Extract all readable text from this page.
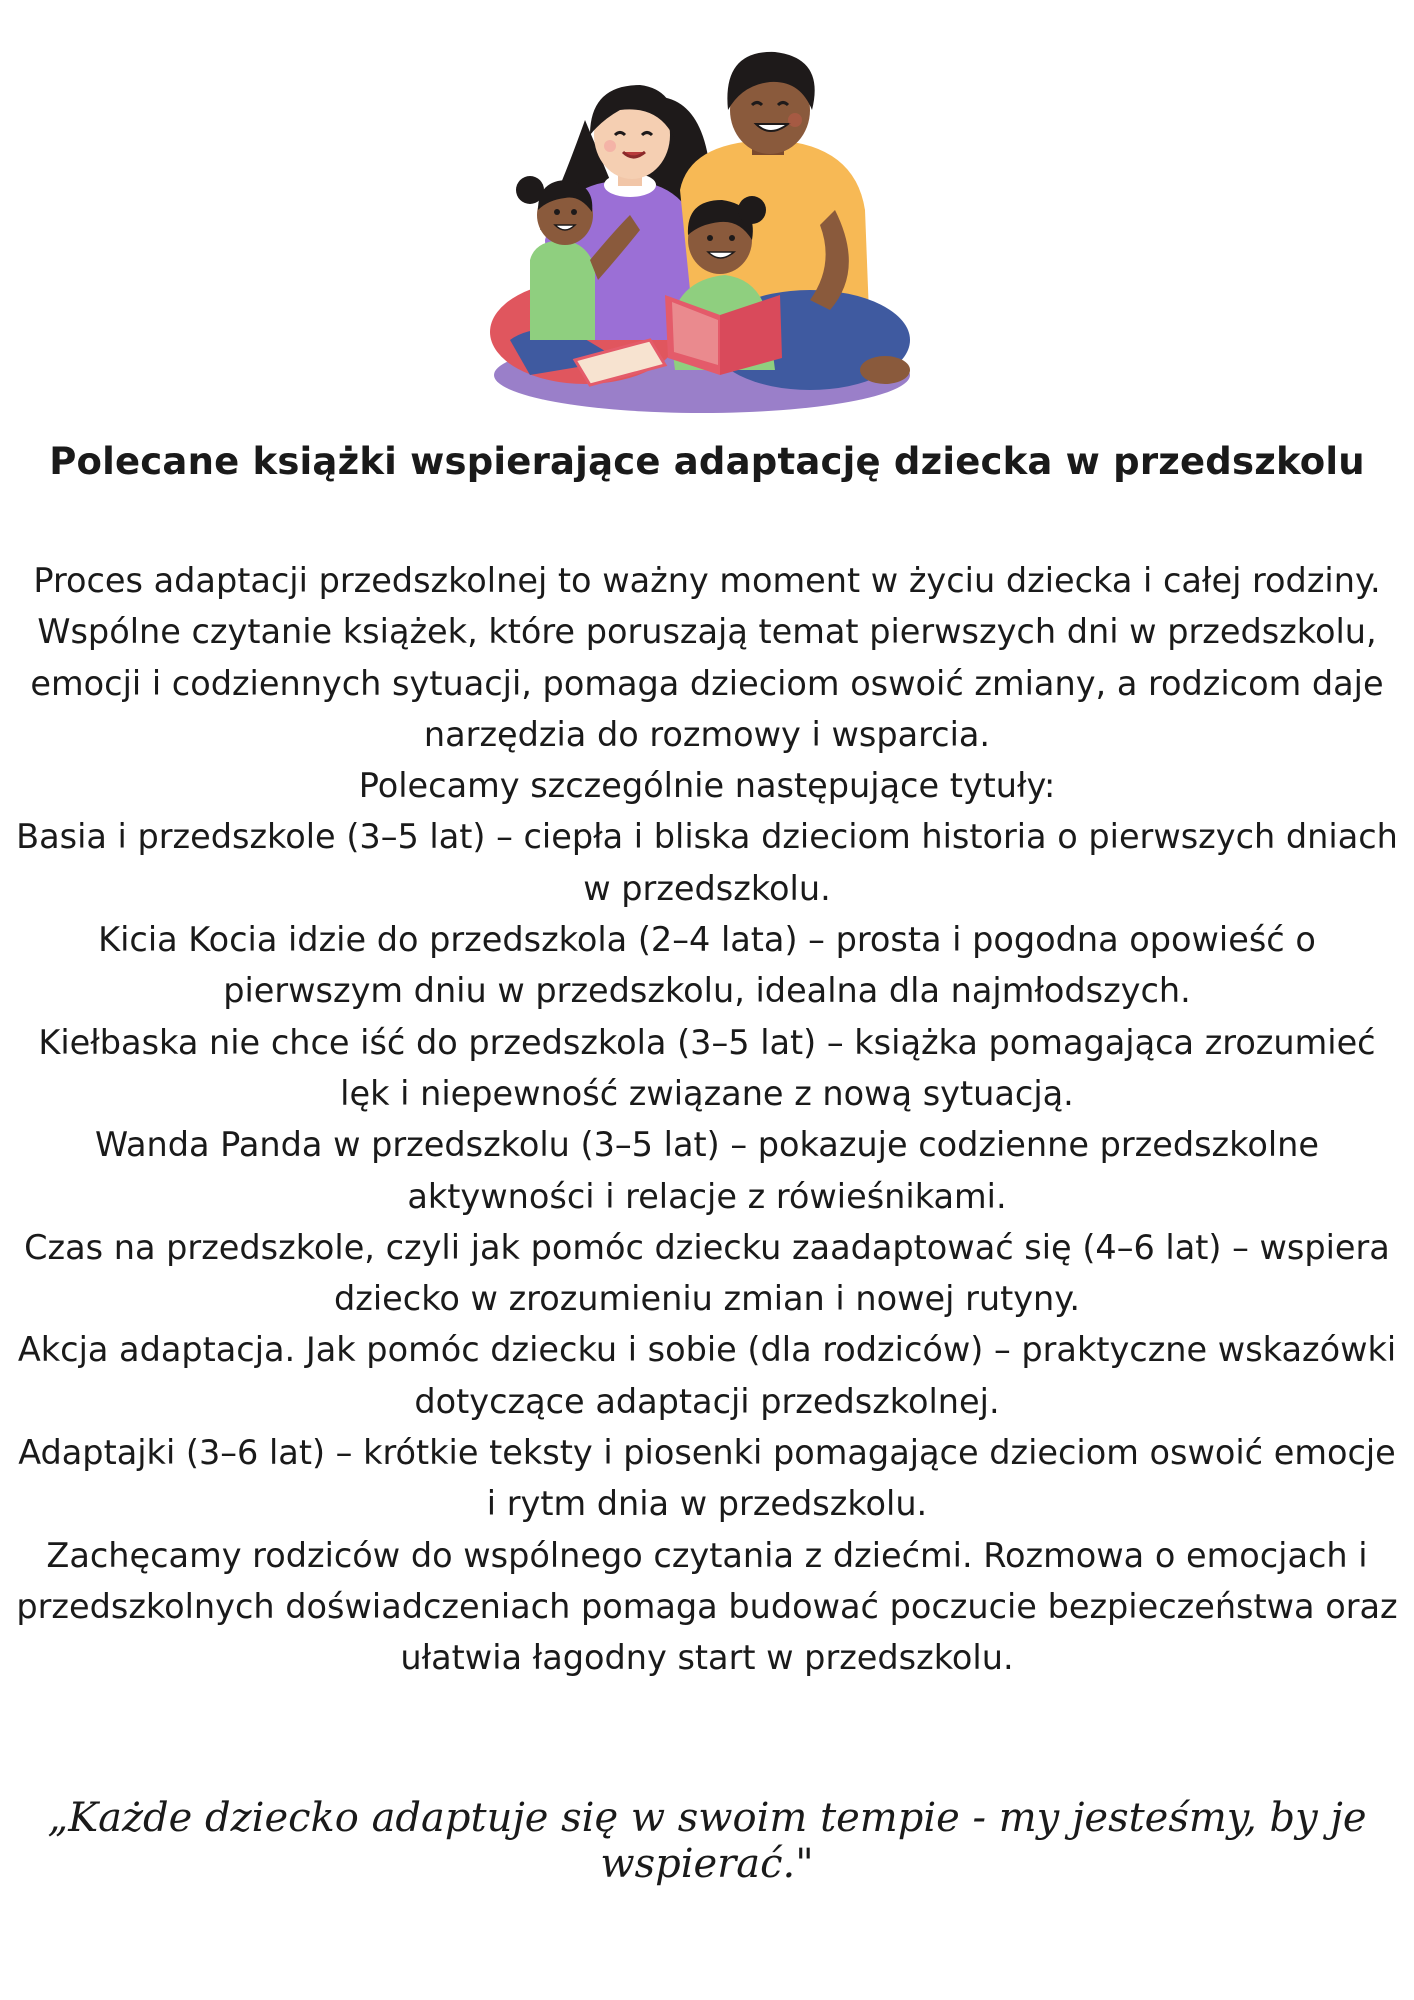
Polecane książki wspierające adaptację dziecka w przedszkolu

Proces adaptacji przedszkolnej to ważny moment w życiu dziecka i całej rodziny. Wspólne czytanie książek, które poruszają temat pierwszych dni w przedszkolu, emocji i codziennych sytuacji, pomaga dzieciom oswoić zmiany, a rodzicom daje narzędzia do rozmowy i wsparcia.

Polecamy szczególnie następujące tytuły:

Basia i przedszkole (3–5 lat) – ciepła i bliska dzieciom historia o pierwszych dniach w przedszkolu.

Kicia Kocia idzie do przedszkola (2–4 lata) – prosta i pogodna opowieść o pierwszym dniu w przedszkolu, idealna dla najmłodszych.

Kiełbaska nie chce iść do przedszkola (3–5 lat) – książka pomagająca zrozumieć lęk i niepewność związane z nową sytuacją.

Wanda Panda w przedszkolu (3–5 lat) – pokazuje codzienne przedszkolne aktywności i relacje z rówieśnikami.

Czas na przedszkole, czyli jak pomóc dziecku zaadaptować się (4–6 lat) – wspiera dziecko w zrozumieniu zmian i nowej rutyny.

Akcja adaptacja. Jak pomóc dziecku i sobie (dla rodziców) – praktyczne wskazówki dotyczące adaptacji przedszkolnej.

Adaptajki (3–6 lat) – krótkie teksty i piosenki pomagające dzieciom oswoić emocje i rytm dnia w przedszkolu.

Zachęcamy rodziców do wspólnego czytania z dziećmi. Rozmowa o emocjach i przedszkolnych doświadczeniach pomaga budować poczucie bezpieczeństwa oraz ułatwia łagodny start w przedszkolu.

„Każde dziecko adaptuje się w swoim tempie - my jesteśmy, by je wspierać."
